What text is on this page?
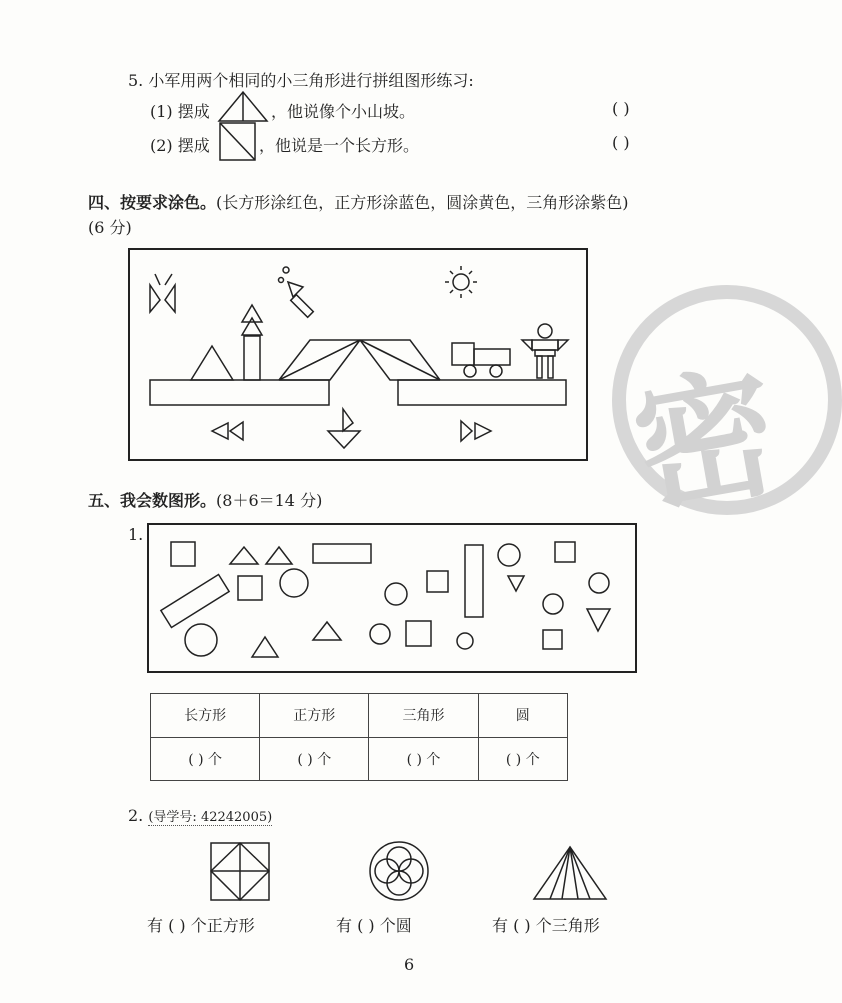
密
5. 小军用两个相同的小三角形进行拼组图形练习:
(1) 摆成	，他说像个小山坡。	( )
(2) 摆成	，他说是一个长方形。	( )
四、按要求涂色。(长方形涂红色，正方形涂蓝色，圆涂黄色，三角形涂紫色)
(6 分)
五、我会数图形。(8＋6＝14 分)
1.
长方形	正方形	三角形	圆
( ) 个	( ) 个	( ) 个	( ) 个
2. (导学号: 42242005)
有 ( ) 个正方形	有 ( ) 个圆	有 ( ) 个三角形
6
